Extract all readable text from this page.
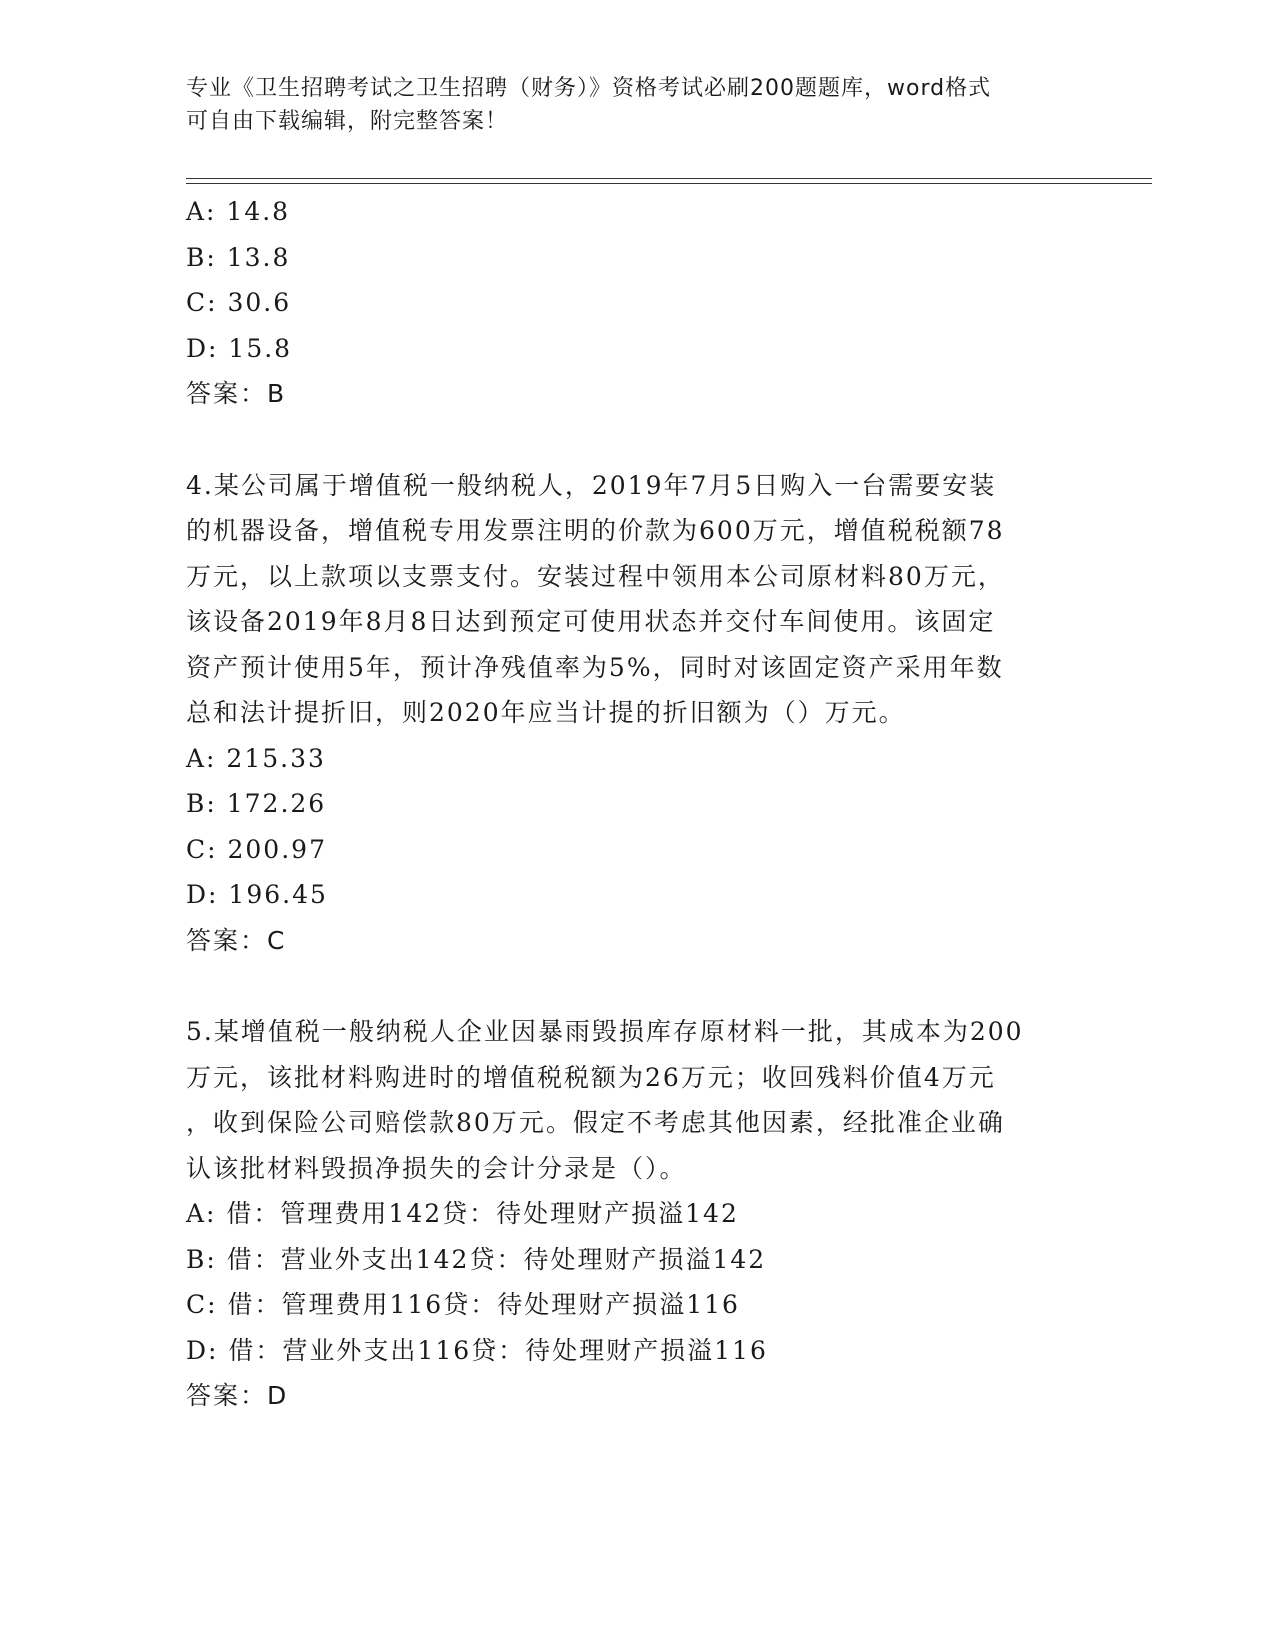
专业《卫生招聘考试之卫生招聘（财务）》资格考试必刷200题题库，word格式
可自由下载编辑，附完整答案！
A: 14.8
B: 13.8
C: 30.6
D: 15.8
答案：B
4.某公司属于增值税一般纳税人，2019年7月5日购入一台需要安装
的机器设备，增值税专用发票注明的价款为600万元，增值税税额78
万元，以上款项以支票支付。安装过程中领用本公司原材料80万元，
该设备2019年8月8日达到预定可使用状态并交付车间使用。该固定
资产预计使用5年，预计净残值率为5%，同时对该固定资产采用年数
总和法计提折旧，则2020年应当计提的折旧额为（）万元。
A: 215.33
B: 172.26
C: 200.97
D: 196.45
答案：C
5.某增值税一般纳税人企业因暴雨毁损库存原材料一批，其成本为200
万元，该批材料购进时的增值税税额为26万元；收回残料价值4万元
，收到保险公司赔偿款80万元。假定不考虑其他因素，经批准企业确
认该批材料毁损净损失的会计分录是（）。
A: 借：管理费用142贷：待处理财产损溢142
B: 借：营业外支出142贷：待处理财产损溢142
C: 借：管理费用116贷：待处理财产损溢116
D: 借：营业外支出116贷：待处理财产损溢116
答案：D
